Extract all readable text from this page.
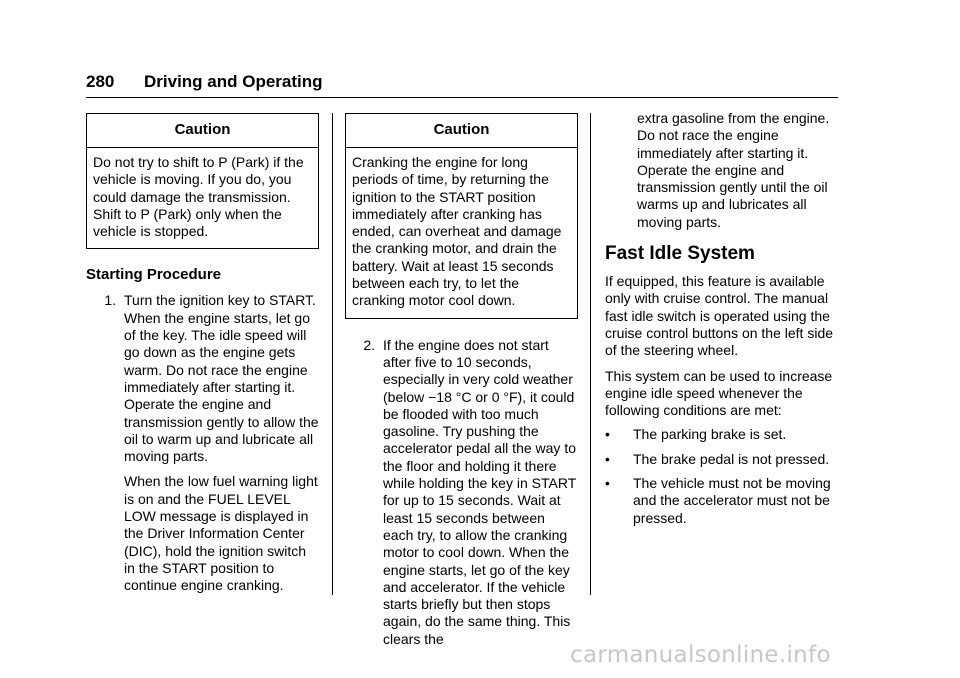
280 Driving and Operating
Caution
Do not try to shift to P (Park) if the vehicle is moving. If you do, you could damage the transmission. Shift to P (Park) only when the vehicle is stopped.
Starting Procedure
1. Turn the ignition key to START. When the engine starts, let go of the key. The idle speed will go down as the engine gets warm. Do not race the engine immediately after starting it. Operate the engine and transmission gently to allow the oil to warm up and lubricate all moving parts.

When the low fuel warning light is on and the FUEL LEVEL LOW message is displayed in the Driver Information Center (DIC), hold the ignition switch in the START position to continue engine cranking.

Caution
Cranking the engine for long periods of time, by returning the ignition to the START position immediately after cranking has ended, can overheat and damage the cranking motor, and drain the battery. Wait at least 15 seconds between each try, to let the cranking motor cool down.
2. If the engine does not start after five to 10 seconds, especially in very cold weather (below −18 °C or 0 °F), it could be flooded with too much gasoline. Try pushing the accelerator pedal all the way to the floor and holding it there while holding the key in START for up to 15 seconds. Wait at least 15 seconds between each try, to allow the cranking motor to cool down. When the engine starts, let go of the key and accelerator. If the vehicle starts briefly but then stops again, do the same thing. This clears the

extra gasoline from the engine. Do not race the engine immediately after starting it. Operate the engine and transmission gently until the oil warms up and lubricates all moving parts.

Fast Idle System

If equipped, this feature is available only with cruise control. The manual fast idle switch is operated using the cruise control buttons on the left side of the steering wheel.

This system can be used to increase engine idle speed whenever the following conditions are met:

•	The parking brake is set.
•	The brake pedal is not pressed.
•	The vehicle must not be moving and the accelerator must not be pressed.
carmanualsonline.info
